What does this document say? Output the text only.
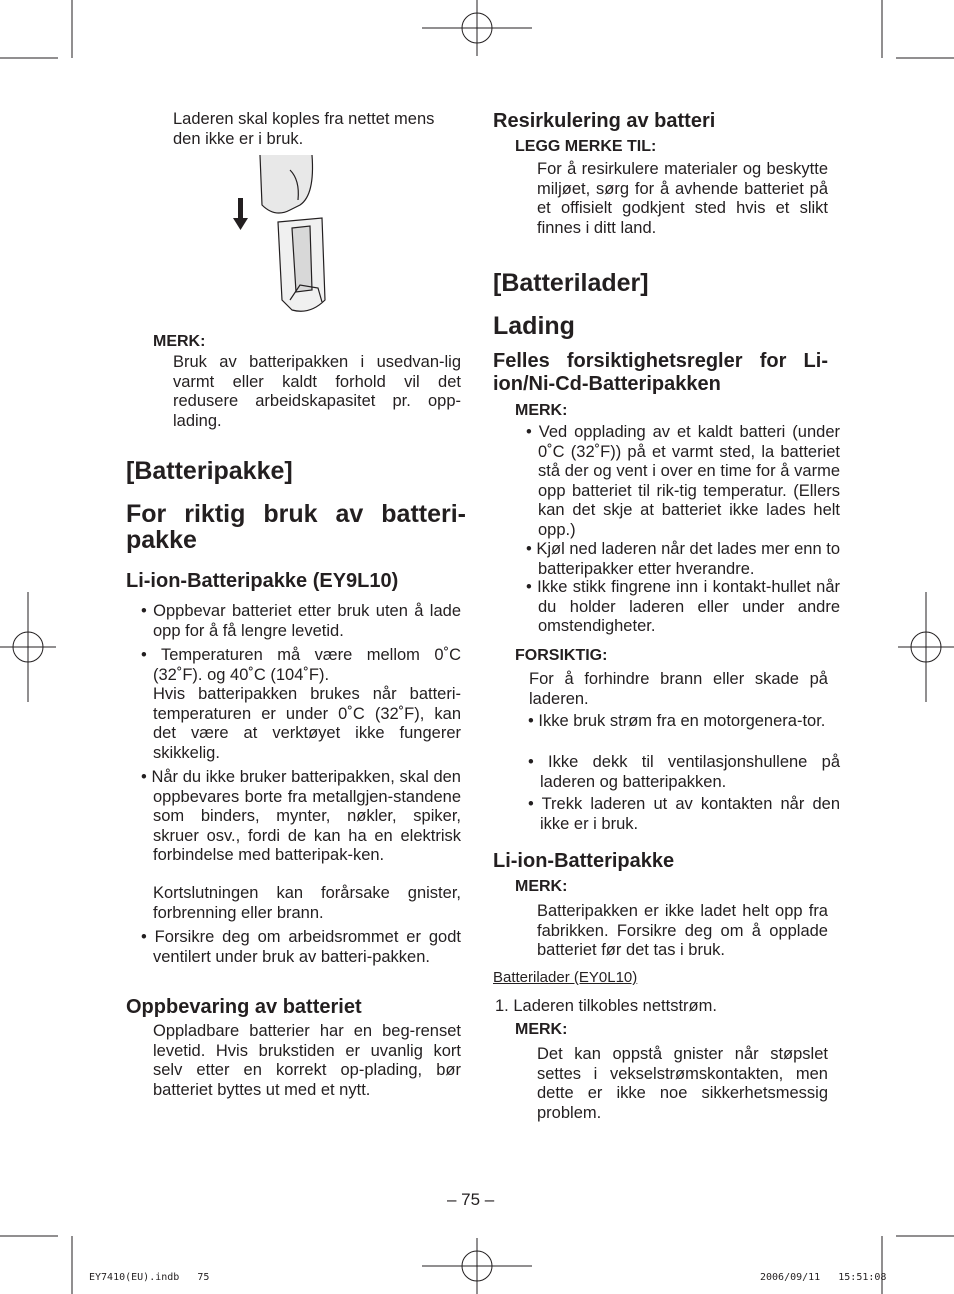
Laderen skal koples fra nettet mens den ikke er i bruk.
MERK:
Bruk av batteripakken i usedvan-lig varmt eller kaldt forhold vil det redusere arbeidskapasitet pr. opp-lading.
[Batteripakke]
For riktig bruk av batteri-pakke
Li-ion-Batteripakke (EY9L10)
• Oppbevar batteriet etter bruk uten å lade opp for å få lengre levetid.
• Temperaturen må være mellom 0˚C (32˚F). og 40˚C (104˚F).
Hvis batteripakken brukes når batteri-temperaturen er under 0˚C (32˚F), kan det være at verktøyet ikke fungerer skikkelig.
• Når du ikke bruker batteripakken, skal den oppbevares borte fra metallgjen-standene som binders, mynter, nøkler, spiker, skruer osv., fordi de kan ha en elektrisk forbindelse med batteripak-ken.
Kortslutningen kan forårsake gnister, forbrenning eller brann.
• Forsikre deg om arbeidsrommet er godt ventilert under bruk av batteri-pakken.
Oppbevaring av batteriet
Oppladbare batterier har en beg-renset levetid. Hvis brukstiden er uvanlig kort selv etter en korrekt op-plading, bør batteriet byttes ut med et nytt.
Resirkulering av batteri
LEGG MERKE TIL:
For å resirkulere materialer og beskytte miljøet, sørg for å avhende batteriet på et offisielt godkjent sted hvis et slikt finnes i ditt land.
[Batterilader]
Lading
Felles forsiktighetsregler for Li-ion/Ni-Cd-Batteripakken
MERK:
• Ved opplading av et kaldt batteri (under 0˚C (32˚F)) på et varmt sted, la batteriet stå der og vent i over en time for å varme opp batteriet til rik-tig temperatur. (Ellers kan det skje at batteriet ikke lades helt opp.)
• Kjøl ned laderen når det lades mer enn to batteripakker etter hverandre.
• Ikke stikk fingrene inn i kontakt-hullet når du holder laderen eller under andre omstendigheter.
FORSIKTIG:
For å forhindre brann eller skade på laderen.
• Ikke bruk strøm fra en motorgenera-tor.
• Ikke dekk til ventilasjonshullene på laderen og batteripakken.
• Trekk laderen ut av kontakten når den ikke er i bruk.
Li-ion-Batteripakke
MERK:
Batteripakken er ikke ladet helt opp fra fabrikken. Forsikre deg om å opplade batteriet før det tas i bruk.
Batterilader (EY0L10)
1. Laderen tilkobles nettstrøm.
MERK:
Det kan oppstå gnister når støpslet settes i vekselstrømskontakten, men dette er ikke noe sikkerhetsmessig problem.
– 75 –
EY7410(EU).indb   75	2006/09/11   15:51:08
